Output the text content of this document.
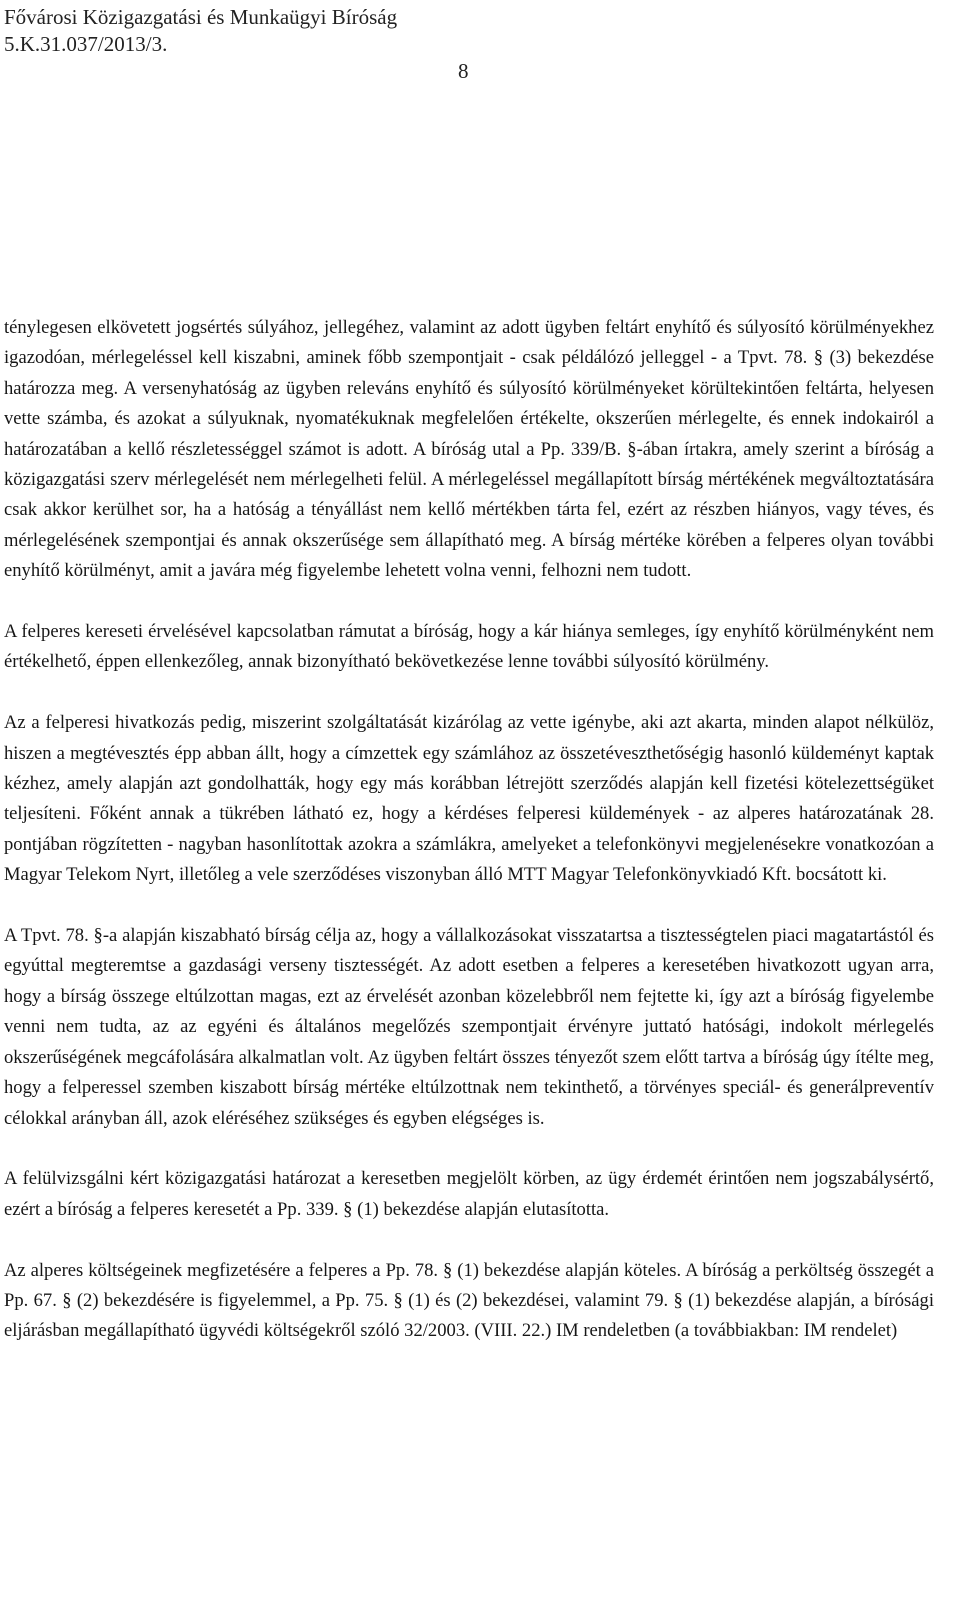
Fővárosi Közigazgatási és Munkaügyi Bíróság
5.K.31.037/2013/3.
8

ténylegesen elkövetett jogsértés súlyához, jellegéhez, valamint az adott ügyben feltárt enyhítő és súlyosító körülményekhez igazodóan, mérlegeléssel kell kiszabni, aminek főbb szempontjait - csak példálózó jelleggel - a Tpvt. 78. § (3) bekezdése határozza meg. A versenyhatóság az ügyben releváns enyhítő és súlyosító körülményeket körültekintően feltárta, helyesen vette számba, és azokat a súlyuknak, nyomatékuknak megfelelően értékelte, okszerűen mérlegelte, és ennek indokairól a határozatában a kellő részletességgel számot is adott. A bíróság utal a Pp. 339/B. §-ában írtakra, amely szerint a bíróság a közigazgatási szerv mérlegelését nem mérlegelheti felül. A mérlegeléssel megállapított bírság mértékének megváltoztatására csak akkor kerülhet sor, ha a hatóság a tényállást nem kellő mértékben tárta fel, ezért az részben hiányos, vagy téves, és mérlegelésének szempontjai és annak okszerűsége sem állapítható meg. A bírság mértéke körében a felperes olyan további enyhítő körülményt, amit a javára még figyelembe lehetett volna venni, felhozni nem tudott.

A felperes kereseti érvelésével kapcsolatban rámutat a bíróság, hogy a kár hiánya semleges, így enyhítő körülményként nem értékelhető, éppen ellenkezőleg, annak bizonyítható bekövetkezése lenne további súlyosító körülmény.

Az a felperesi hivatkozás pedig, miszerint szolgáltatását kizárólag az vette igénybe, aki azt akarta, minden alapot nélkülöz, hiszen a megtévesztés épp abban állt, hogy a címzettek egy számlához az összetéveszthetőségig hasonló küldeményt kaptak kézhez, amely alapján azt gondolhatták, hogy egy más korábban létrejött szerződés alapján kell fizetési kötelezettségüket teljesíteni. Főként annak a tükrében látható ez, hogy a kérdéses felperesi küldemények - az alperes határozatának 28. pontjában rögzítetten - nagyban hasonlítottak azokra a számlákra, amelyeket a telefonkönyvi megjelenésekre vonatkozóan a Magyar Telekom Nyrt, illetőleg a vele szerződéses viszonyban álló MTT Magyar Telefonkönyvkiadó Kft. bocsátott ki.

A Tpvt. 78. §-a alapján kiszabható bírság célja az, hogy a vállalkozásokat visszatartsa a tisztességtelen piaci magatartástól és egyúttal megteremtse a gazdasági verseny tisztességét. Az adott esetben a felperes a keresetében hivatkozott ugyan arra, hogy a bírság összege eltúlzottan magas, ezt az érvelését azonban közelebbről nem fejtette ki, így azt a bíróság figyelembe venni nem tudta, az az egyéni és általános megelőzés szempontjait érvényre juttató hatósági, indokolt mérlegelés okszerűségének megcáfolására alkalmatlan volt. Az ügyben feltárt összes tényezőt szem előtt tartva a bíróság úgy ítélte meg, hogy a felperessel szemben kiszabott bírság mértéke eltúlzottnak nem tekinthető, a törvényes speciál- és generálpreventív célokkal arányban áll, azok eléréséhez szükséges és egyben elégséges is.

A felülvizsgálni kért közigazgatási határozat a keresetben megjelölt körben, az ügy érdemét érintően nem jogszabálysértő, ezért a bíróság a felperes keresetét a Pp. 339. § (1) bekezdése alapján elutasította.

Az alperes költségeinek megfizetésére a felperes a Pp. 78. § (1) bekezdése alapján köteles. A bíróság a perköltség összegét a Pp. 67. § (2) bekezdésére is figyelemmel, a Pp. 75. § (1) és (2) bekezdései, valamint 79. § (1) bekezdése alapján, a bírósági eljárásban megállapítható ügyvédi költségekről szóló 32/2003. (VIII. 22.) IM rendeletben (a továbbiakban: IM rendelet)
